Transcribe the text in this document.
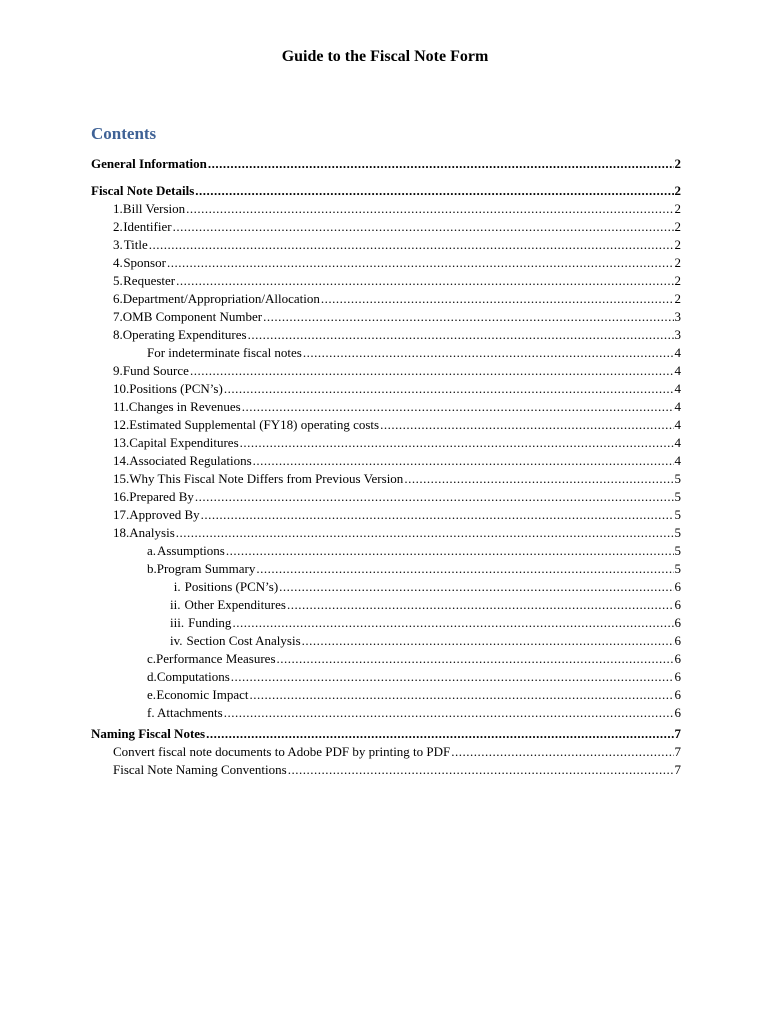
Guide to the Fiscal Note Form
Contents
General Information .....	2
Fiscal Note Details .....	2
1. Bill Version .....	2
2. Identifier .....	2
3. Title .....	2
4. Sponsor .....	2
5. Requester .....	2
6. Department/Appropriation/Allocation .....	2
7. OMB Component Number .....	3
8. Operating Expenditures .....	3
For indeterminate fiscal notes .....	4
9. Fund Source .....	4
10. Positions (PCN’s) .....	4
11. Changes in Revenues .....	4
12. Estimated Supplemental (FY18) operating costs .....	4
13. Capital Expenditures .....	4
14. Associated Regulations .....	4
15. Why This Fiscal Note Differs from Previous Version .....	5
16. Prepared By .....	5
17. Approved By .....	5
18. Analysis .....	5
a. Assumptions .....	5
b. Program Summary .....	5
i. Positions (PCN’s) .....	6
ii. Other Expenditures .....	6
iii. Funding .....	6
iv. Section Cost Analysis .....	6
c. Performance Measures .....	6
d. Computations .....	6
e. Economic Impact .....	6
f. Attachments .....	6
Naming Fiscal Notes .....	7
Convert fiscal note documents to Adobe PDF by printing to PDF .....	7
Fiscal Note Naming Conventions .....	7
